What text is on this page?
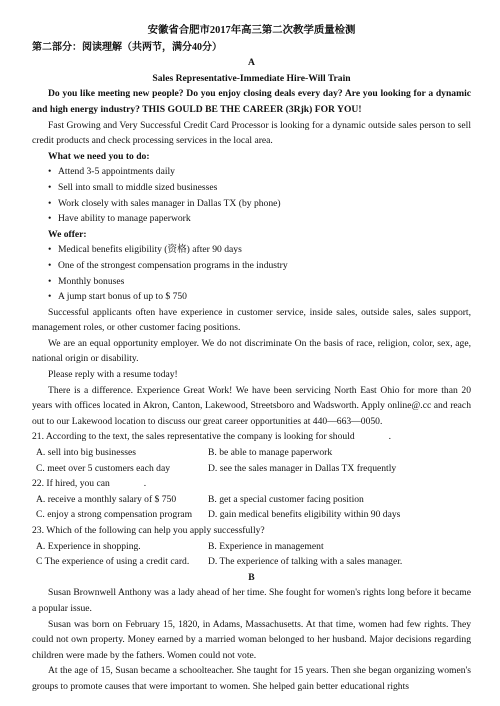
安徽省合肥市2017年高三第二次教学质量检测
第二部分：阅读理解（共两节，满分40分）
A
Sales Representative-Immediate Hire-Will Train

Do you like meeting new people? Do you enjoy closing deals every day? Are you looking for a dynamic and high energy industry? THIS GOULD BE THE CAREER (3Rjk) FOR YOU!

Fast Growing and Very Successful Credit Card Processor is looking for a dynamic outside sales person to sell credit products and check processing services in the local area.

What we need you to do:
• Attend 3-5 appointments daily
• Sell into small to middle sized businesses
• Work closely with sales manager in Dallas TX (by phone)
• Have ability to manage paperwork
We offer:
• Medical benefits eligibility (资格) after 90 days
• One of the strongest compensation programs in the industry
• Monthly bonuses
• A jump start bonus of up to $ 750

Successful applicants often have experience in customer service, inside sales, outside sales, sales support, management roles, or other customer facing positions.

We are an equal opportunity employer. We do not discriminate On the basis of race, religion, color, sex, age, national origin or disability.

Please reply with a resume today!

There is a difference. Experience Great Work! We have been servicing North East Ohio for more than 20 years with offices located in Akron, Canton, Lakewood, Streetsboro and Wadsworth. Apply online@.cc and reach out to our Lakewood location to discuss our great career opportunities at 440—663—0050.

21. According to the text, the sales representative the company is looking for should	.
A. sell into big businesses	B. be able to manage paperwork
C. meet over 5 customers each day	D. see the sales manager in Dallas TX frequently
22. If hired, you can	.
A. receive a monthly salary of $ 750	B. get a special customer facing position
C. enjoy a strong compensation program	D. gain medical benefits eligibility within 90 days
23. Which of the following can help you apply successfully?
A. Experience in shopping.	B. Experience in management
C The experience of using a credit card.	D. The experience of talking with a sales manager.
B

Susan Brownwell Anthony was a lady ahead of her time. She fought for women's rights long before it became a popular issue.

Susan was born on February 15, 1820, in Adams, Massachusetts. At that time, women had few rights. They could not own property. Money earned by a married woman belonged to her husband. Major decisions regarding children were made by the fathers. Women could not vote.

At the age of 15, Susan became a schoolteacher. She taught for 15 years. Then she began organizing women's groups to promote causes that were important to women. She helped gain better educational rights
